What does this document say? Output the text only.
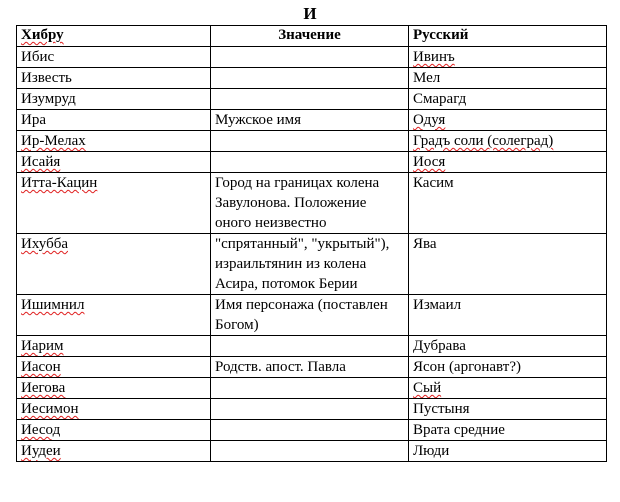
И
Хибру	Значение	Русский
Ибис		Ивинъ
Известь		Мел
Изумруд		Смарагд
Ира	Мужское имя	Одуя
Ир-Мелах		Градъ соли (солеград)
Исайя		Иося
Итта-Кацин	Город на границах колена Завулонова. Положение оного неизвестно	Касим
Ихубба	"спрятанный", "укрытый"), израильтянин из колена Асира, потомок Берии	Ява
Ишимнил	Имя персонажа (поставлен Богом)	Измаил
Иарим		Дубрава
Иасон	Родств. апост. Павла	Ясон (аргонавт?)
Иегова		Сый
Иесимон		Пустыня
Иесод		Врата средние
Иудеи		Люди
